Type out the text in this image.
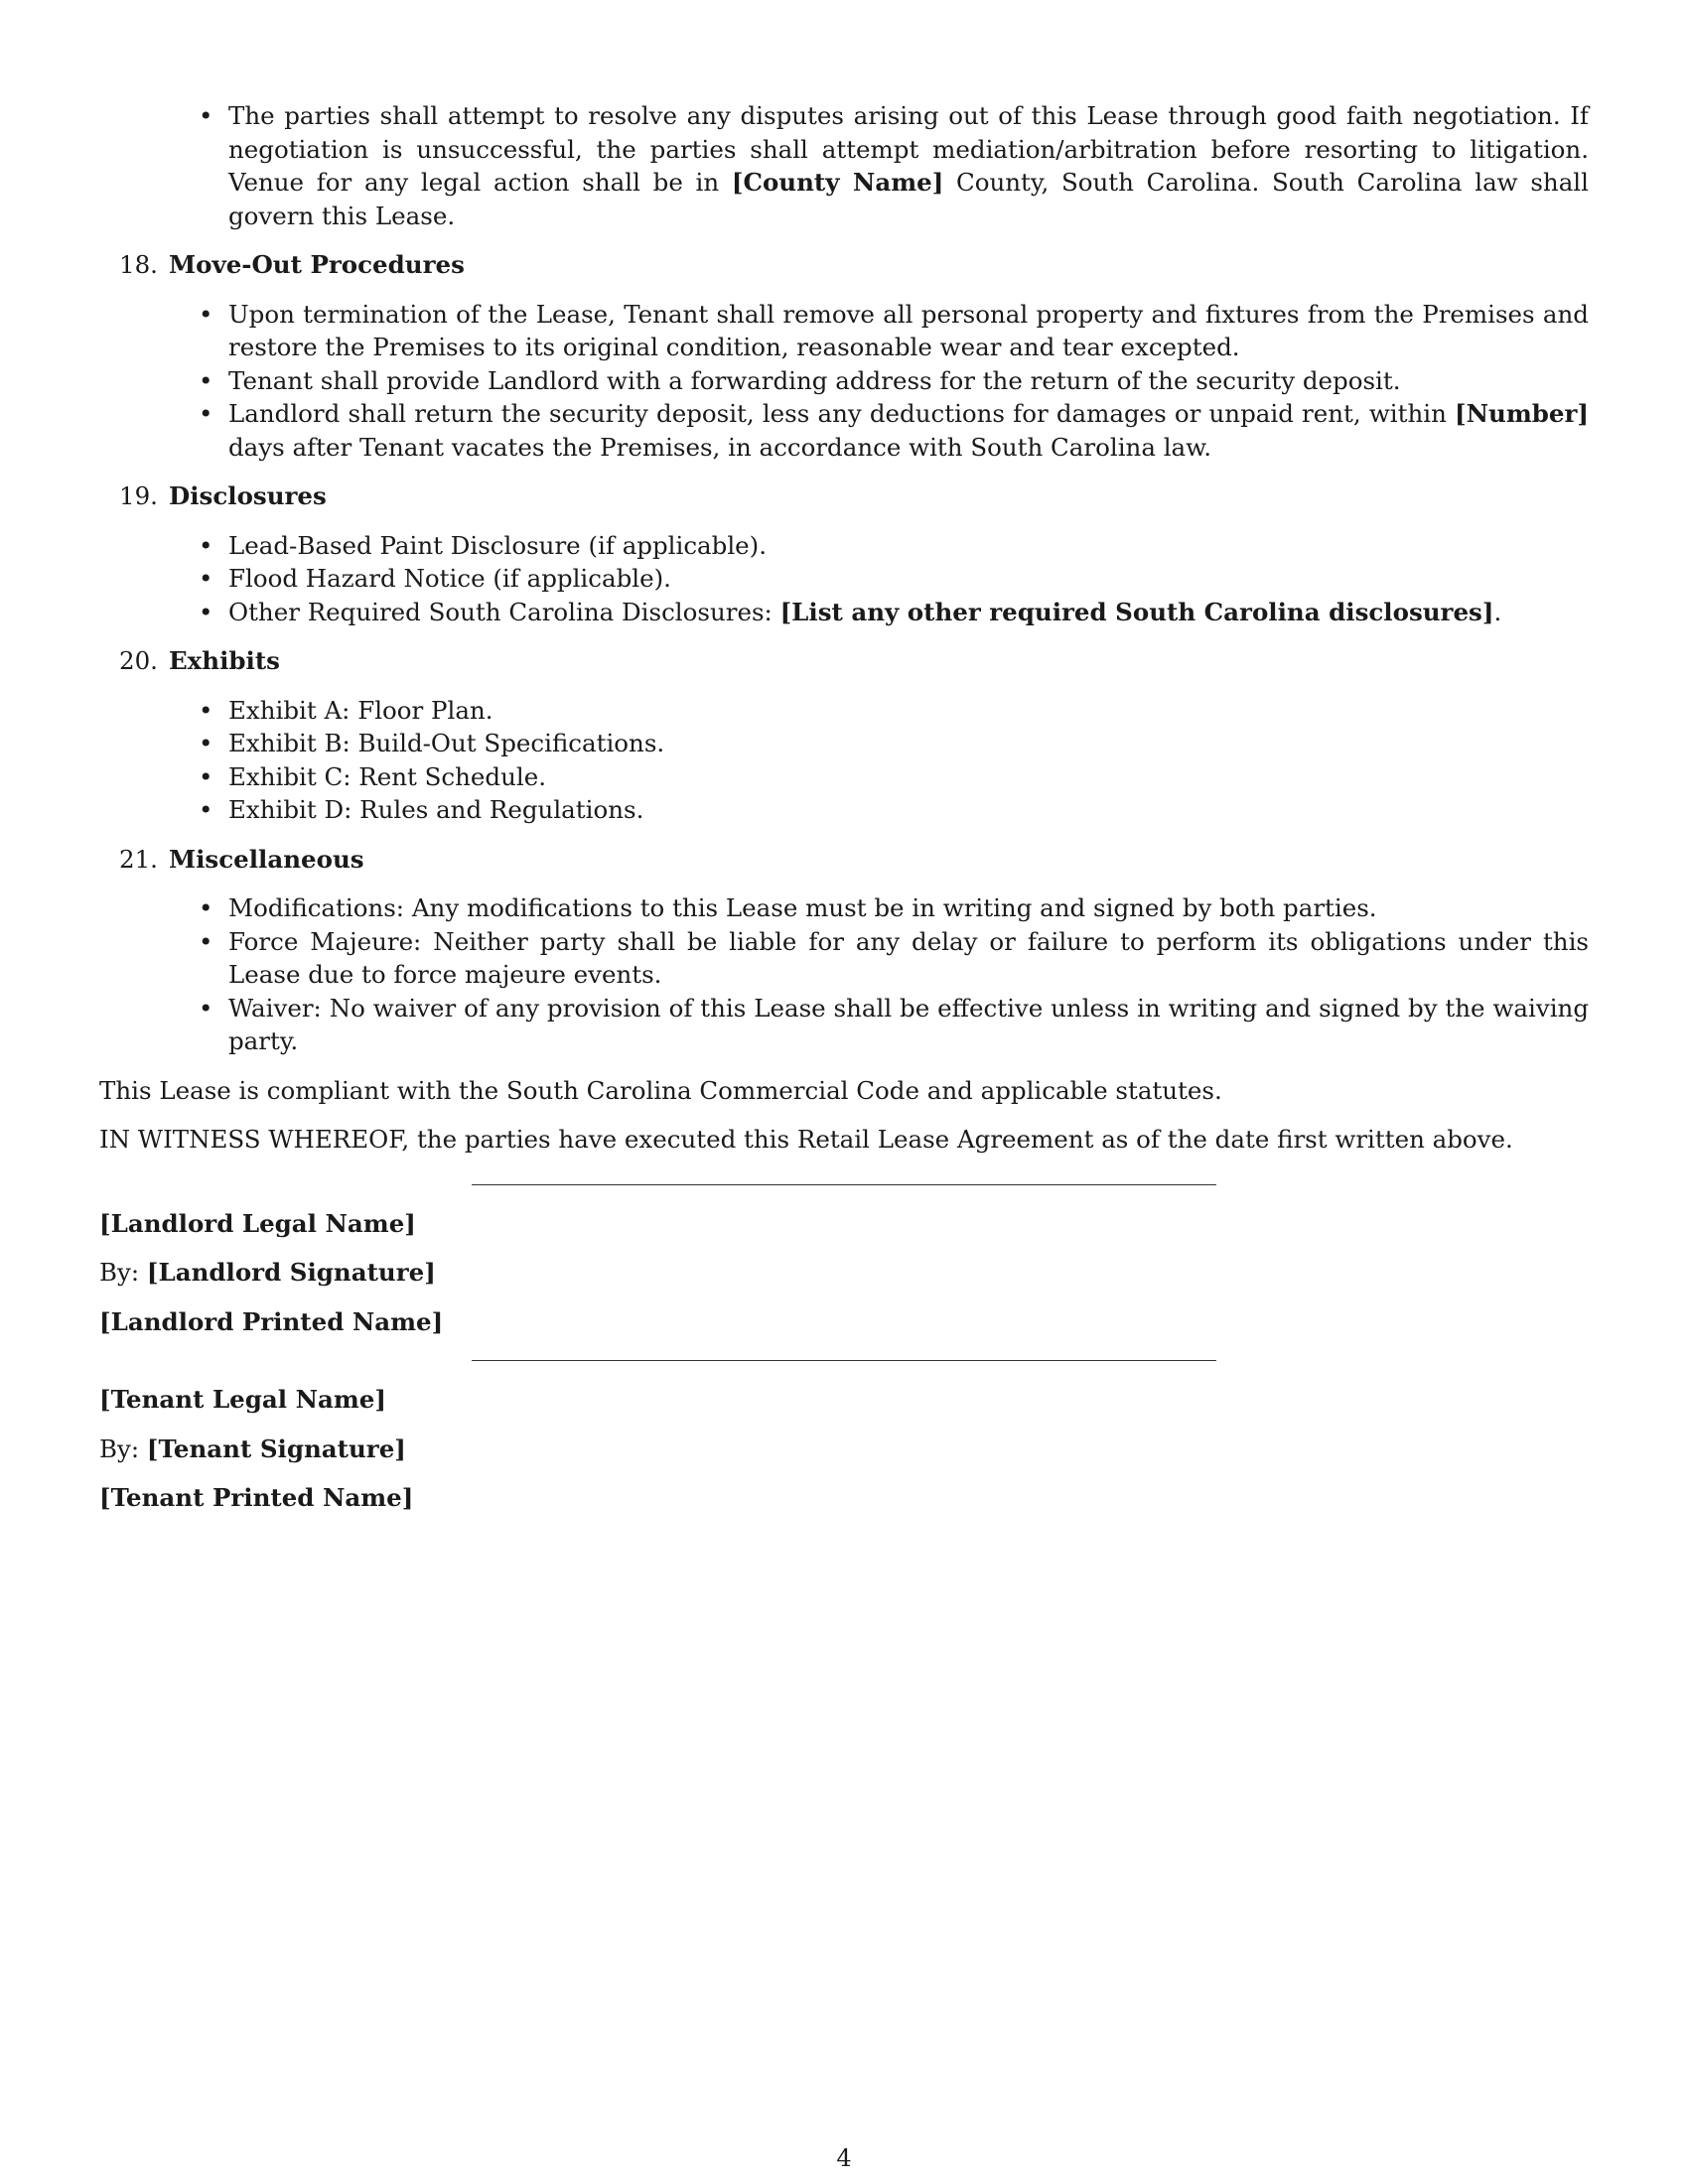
• The parties shall attempt to resolve any disputes arising out of this Lease through good faith negotiation. If negotiation is unsuccessful, the parties shall attempt mediation/arbitration before resorting to litigation. Venue for any legal action shall be in [County Name] County, South Carolina. South Carolina law shall govern this Lease.
18. Move-Out Procedures
• Upon termination of the Lease, Tenant shall remove all personal property and fixtures from the Premises and restore the Premises to its original condition, reasonable wear and tear excepted.
• Tenant shall provide Landlord with a forwarding address for the return of the security deposit.
• Landlord shall return the security deposit, less any deductions for damages or unpaid rent, within [Number] days after Tenant vacates the Premises, in accordance with South Carolina law.
19. Disclosures
• Lead-Based Paint Disclosure (if applicable).
• Flood Hazard Notice (if applicable).
• Other Required South Carolina Disclosures: [List any other required South Carolina disclosures].
20. Exhibits
• Exhibit A: Floor Plan.
• Exhibit B: Build-Out Specifications.
• Exhibit C: Rent Schedule.
• Exhibit D: Rules and Regulations.
21. Miscellaneous
• Modifications: Any modifications to this Lease must be in writing and signed by both parties.
• Force Majeure: Neither party shall be liable for any delay or failure to perform its obligations under this Lease due to force majeure events.
• Waiver: No waiver of any provision of this Lease shall be effective unless in writing and signed by the waiving party.
This Lease is compliant with the South Carolina Commercial Code and applicable statutes.
IN WITNESS WHEREOF, the parties have executed this Retail Lease Agreement as of the date first written above.
[Landlord Legal Name]
By: [Landlord Signature]
[Landlord Printed Name]
[Tenant Legal Name]
By: [Tenant Signature]
[Tenant Printed Name]
4
